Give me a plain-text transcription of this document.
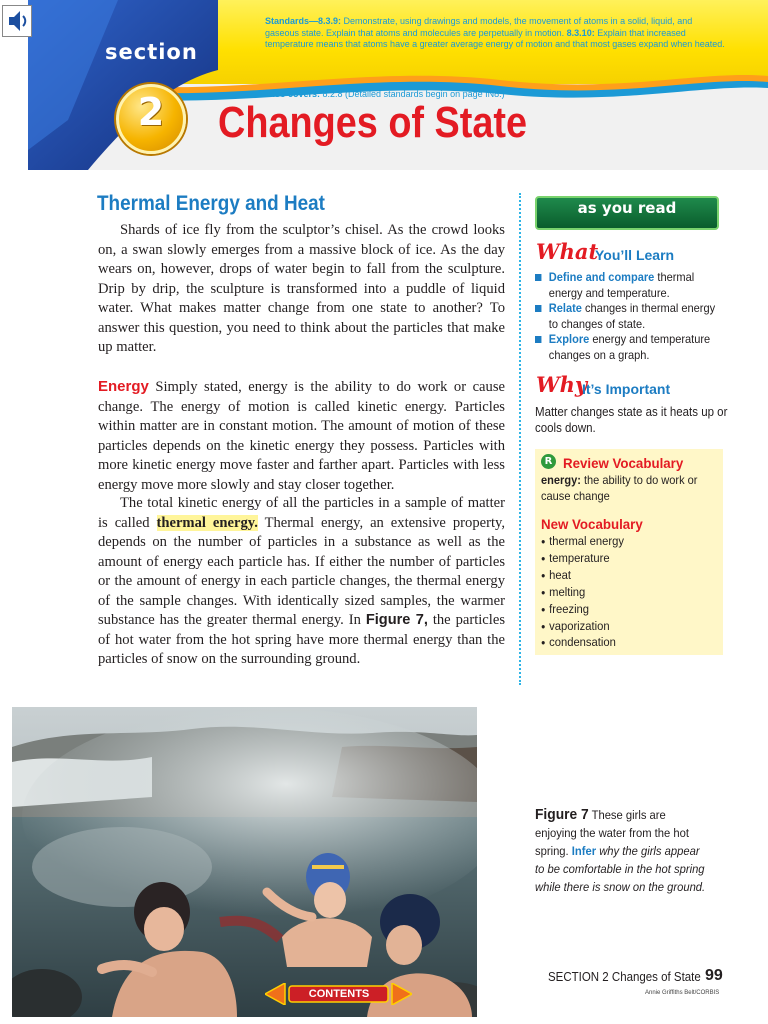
section
2
Standards—8.3.9: Demonstrate, using drawings and models, the movement of atoms in a solid, liquid, and gaseous state. Explain that atoms and molecules are perpetually in motion. 8.3.10: Explain that increased temperature means that atoms have a greater average energy of motion and that most gases expand when heated.
Also covers: 8.2.8 (Detailed standards begin on page IN8.)
Changes of State
Thermal Energy and Heat
Shards of ice fly from the sculptor’s chisel. As the crowd looks on, a swan slowly emerges from a massive block of ice. As the day wears on, however, drops of water begin to fall from the sculpture. Drip by drip, the sculpture is transformed into a puddle of liquid water. What makes matter change from one state to another? To answer this question, you need to think about the particles that make up matter.
Energy Simply stated, energy is the ability to do work or cause change. The energy of motion is called kinetic energy. Particles within matter are in constant motion. The amount of motion of these particles depends on the kinetic energy they possess. Particles with more kinetic energy move faster and farther apart. Particles with less energy move more slowly and stay closer together.
The total kinetic energy of all the particles in a sample of matter is called thermal energy. Thermal energy, an extensive property, depends on the number of particles in a substance as well as the amount of energy each particle has. If either the number of particles or the amount of energy in each particle changes, the thermal energy of the sample changes. With identically sized samples, the warmer substance has the greater thermal energy. In Figure 7, the particles of hot water from the hot spring have more thermal energy than the particles of snow on the surrounding ground.
as you read
What
You’ll Learn
Define and compare thermal energy and temperature.
Relate changes in thermal energy to changes of state.
Explore energy and temperature changes on a graph.
Why
It’s Important
Matter changes state as it heats up or cools down.
R Review Vocabulary
energy: the ability to do work or cause change
New Vocabulary
● thermal energy
● temperature
● heat
● melting
● freezing
● vaporization
● condensation
CONTENTS
Figure 7 These girls are enjoying the water from the hot spring. Infer why the girls appear to be comfortable in the hot spring while there is snow on the ground.
SECTION 2 Changes of State 99
Annie Griffiths Belt/CORBIS
